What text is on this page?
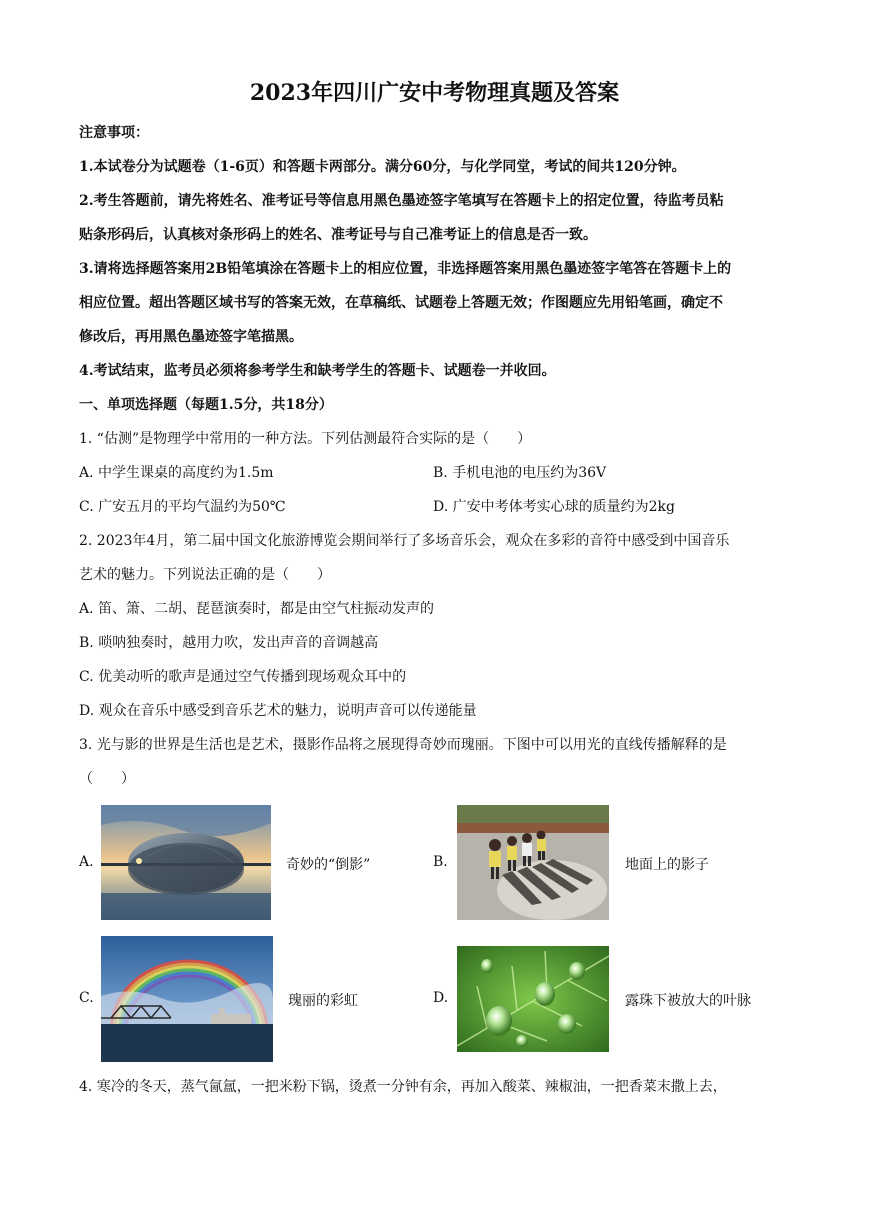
2023年四川广安中考物理真题及答案
注意事项：
1.本试卷分为试题卷（1-6页）和答题卡两部分。满分60分，与化学同堂，考试的间共120分钟。
2.考生答题前，请先将姓名、准考证号等信息用黑色墨迹签字笔填写在答题卡上的招定位置，待监考员粘
贴条形码后，认真核对条形码上的姓名、准考证号与自己准考证上的信息是否一致。
3.请将选择题答案用2B铅笔填涂在答题卡上的相应位置，非选择题答案用黑色墨迹签字笔答在答题卡上的
相应位置。超出答题区域书写的答案无效，在草稿纸、试题卷上答题无效；作图题应先用铅笔画，确定不
修改后，再用黑色墨迹签字笔描黑。
4.考试结束，监考员必须将参考学生和缺考学生的答题卡、试题卷一并收回。
一、单项选择题（每题1.5分，共18分）
1. “估测”是物理学中常用的一种方法。下列估测最符合实际的是（　　）
A. 中学生课桌的高度约为1.5m	B. 手机电池的电压约为36V
C. 广安五月的平均气温约为50℃	D. 广安中考体考实心球的质量约为2kg
2. 2023年4月，第二届中国文化旅游博览会期间举行了多场音乐会，观众在多彩的音符中感受到中国音乐
艺术的魅力。下列说法正确的是（　　）
A. 笛、箫、二胡、琵琶演奏时，都是由空气柱振动发声的
B. 唢呐独奏时，越用力吹，发出声音的音调越高
C. 优美动听的歌声是通过空气传播到现场观众耳中的
D. 观众在音乐中感受到音乐艺术的魅力，说明声音可以传递能量
3. 光与影的世界是生活也是艺术，摄影作品将之展现得奇妙而瑰丽。下图中可以用光的直线传播解释的是
（　　）
A.	奇妙的“倒影”	B.	地面上的影子
C.	瑰丽的彩虹	D.	露珠下被放大的叶脉
4. 寒冷的冬天，蒸气氤氲，一把米粉下锅，烫煮一分钟有余，再加入酸菜、辣椒油，一把香菜末撒上去，
